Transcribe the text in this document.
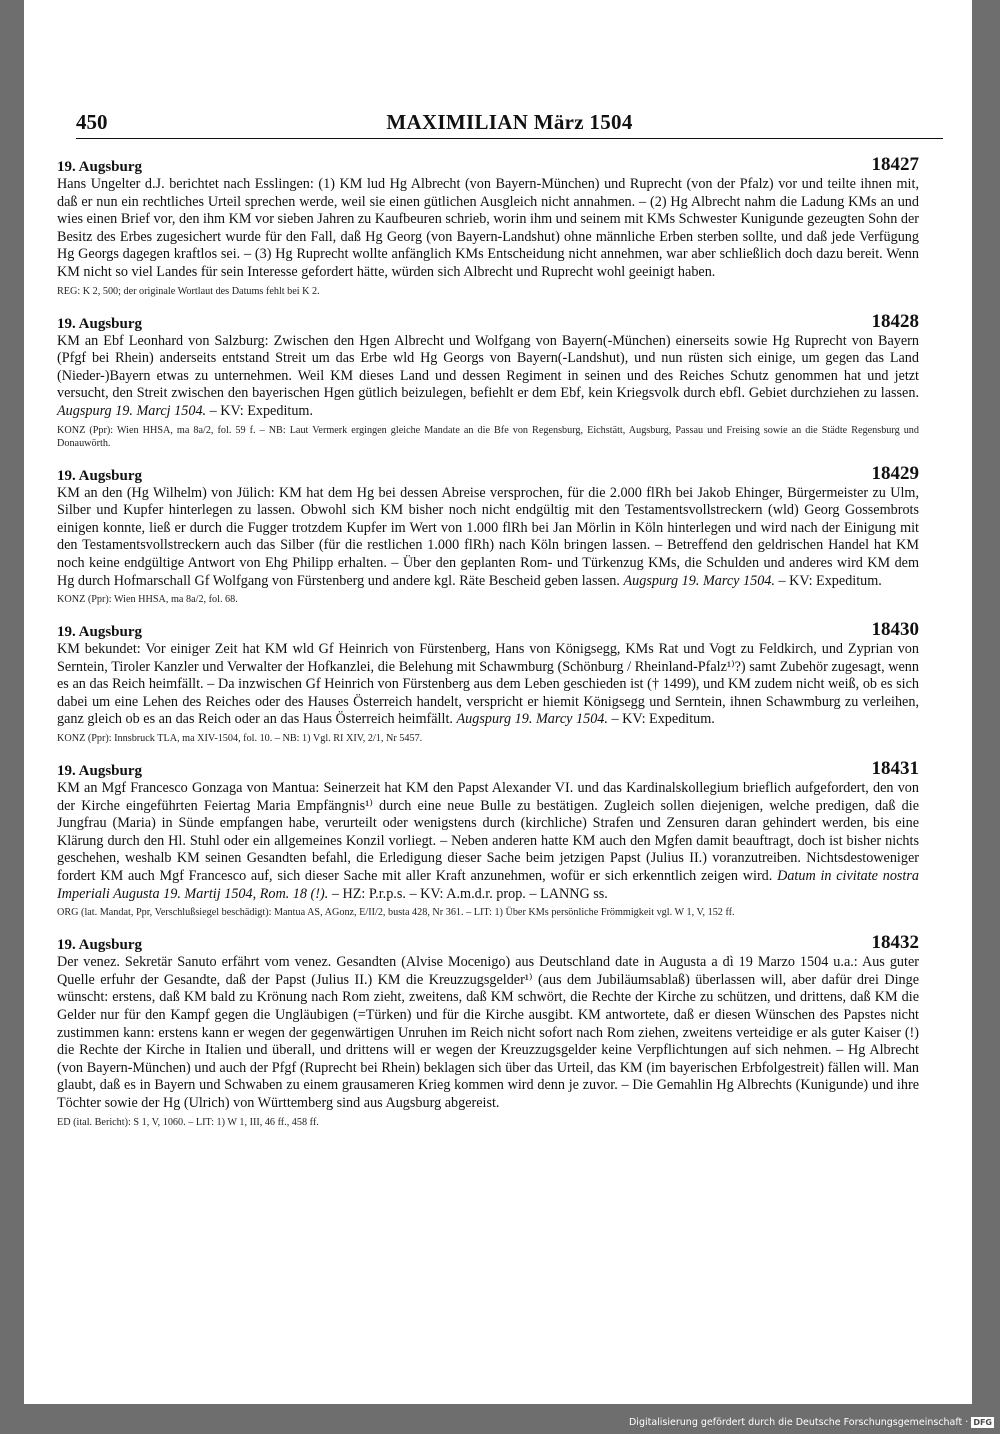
450	MAXIMILIAN März 1504
19. Augsburg	18427
Hans Ungelter d.J. berichtet nach Esslingen: (1) KM lud Hg Albrecht (von Bayern-München) und Ruprecht (von der Pfalz) vor und teilte ihnen mit, daß er nun ein rechtliches Urteil sprechen werde, weil sie einen gütlichen Ausgleich nicht annahmen. – (2) Hg Albrecht nahm die Ladung KMs an und wies einen Brief vor, den ihm KM vor sieben Jahren zu Kaufbeuren schrieb, worin ihm und seinem mit KMs Schwester Kunigunde gezeugten Sohn der Besitz des Erbes zugesichert wurde für den Fall, daß Hg Georg (von Bayern-Landshut) ohne männliche Erben sterben sollte, und daß jede Verfügung Hg Georgs dagegen kraftlos sei. – (3) Hg Ruprecht wollte anfänglich KMs Entscheidung nicht annehmen, war aber schließlich doch dazu bereit. Wenn KM nicht so viel Landes für sein Interesse gefordert hätte, würden sich Albrecht und Ruprecht wohl geeinigt haben.
REG: K 2, 500; der originale Wortlaut des Datums fehlt bei K 2.
19. Augsburg	18428
KM an Ebf Leonhard von Salzburg: Zwischen den Hgen Albrecht und Wolfgang von Bayern(-München) einerseits sowie Hg Ruprecht von Bayern (Pfgf bei Rhein) anderseits entstand Streit um das Erbe wld Hg Georgs von Bayern(-Landshut), und nun rüsten sich einige, um gegen das Land (Nieder-)Bayern etwas zu unternehmen. Weil KM dieses Land und dessen Regiment in seinen und des Reiches Schutz genommen hat und jetzt versucht, den Streit zwischen den bayerischen Hgen gütlich beizulegen, befiehlt er dem Ebf, kein Kriegsvolk durch ebfl. Gebiet durchziehen zu lassen. Augspurg 19. Marcj 1504. – KV: Expeditum.
KONZ (Ppr): Wien HHSA, ma 8a/2, fol. 59 f. – NB: Laut Vermerk ergingen gleiche Mandate an die Bfe von Regensburg, Eichstätt, Augsburg, Passau und Freising sowie an die Städte Regensburg und Donauwörth.
19. Augsburg	18429
KM an den (Hg Wilhelm) von Jülich: KM hat dem Hg bei dessen Abreise versprochen, für die 2.000 flRh bei Jakob Ehinger, Bürgermeister zu Ulm, Silber und Kupfer hinterlegen zu lassen. Obwohl sich KM bisher noch nicht endgültig mit den Testamentsvollstreckern (wld) Georg Gossembrots einigen konnte, ließ er durch die Fugger trotzdem Kupfer im Wert von 1.000 flRh bei Jan Mörlin in Köln hinterlegen und wird nach der Einigung mit den Testamentsvollstreckern auch das Silber (für die restlichen 1.000 flRh) nach Köln bringen lassen. – Betreffend den geldrischen Handel hat KM noch keine endgültige Antwort von Ehg Philipp erhalten. – Über den geplanten Rom- und Türkenzug KMs, die Schulden und anderes wird KM dem Hg durch Hofmarschall Gf Wolfgang von Fürstenberg und andere kgl. Räte Bescheid geben lassen. Augspurg 19. Marcy 1504. – KV: Expeditum.
KONZ (Ppr): Wien HHSA, ma 8a/2, fol. 68.
19. Augsburg	18430
KM bekundet: Vor einiger Zeit hat KM wld Gf Heinrich von Fürstenberg, Hans von Königsegg, KMs Rat und Vogt zu Feldkirch, und Zyprian von Serntein, Tiroler Kanzler und Verwalter der Hofkanzlei, die Belehung mit Schawmburg (Schönburg / Rheinland-Pfalz¹⁾?) samt Zubehör zugesagt, wenn es an das Reich heimfällt. – Da inzwischen Gf Heinrich von Fürstenberg aus dem Leben geschieden ist († 1499), und KM zudem nicht weiß, ob es sich dabei um eine Lehen des Reiches oder des Hauses Österreich handelt, verspricht er hiemit Königsegg und Serntein, ihnen Schawmburg zu verleihen, ganz gleich ob es an das Reich oder an das Haus Österreich heimfällt. Augspurg 19. Marcy 1504. – KV: Expeditum.
KONZ (Ppr): Innsbruck TLA, ma XIV-1504, fol. 10. – NB: 1) Vgl. RI XIV, 2/1, Nr 5457.
19. Augsburg	18431
KM an Mgf Francesco Gonzaga von Mantua: Seinerzeit hat KM den Papst Alexander VI. und das Kardinalskollegium brieflich aufgefordert, den von der Kirche eingeführten Feiertag Maria Empfängnis¹⁾ durch eine neue Bulle zu bestätigen. Zugleich sollen diejenigen, welche predigen, daß die Jungfrau (Maria) in Sünde empfangen habe, verurteilt oder wenigstens durch (kirchliche) Strafen und Zensuren daran gehindert werden, bis eine Klärung durch den Hl. Stuhl oder ein allgemeines Konzil vorliegt. – Neben anderen hatte KM auch den Mgfen damit beauftragt, doch ist bisher nichts geschehen, weshalb KM seinen Gesandten befahl, die Erledigung dieser Sache beim jetzigen Papst (Julius II.) voranzutreiben. Nichtsdestoweniger fordert KM auch Mgf Francesco auf, sich dieser Sache mit aller Kraft anzunehmen, wofür er sich erkenntlich zeigen wird. Datum in civitate nostra Imperiali Augusta 19. Martij 1504, Rom. 18 (!). – HZ: P.r.p.s. – KV: A.m.d.r. prop. – LANNG ss.
ORG (lat. Mandat, Ppr, Verschlußsiegel beschädigt): Mantua AS, AGonz, E/II/2, busta 428, Nr 361. – LIT: 1) Über KMs persönliche Frömmigkeit vgl. W 1, V, 152 ff.
19. Augsburg	18432
Der venez. Sekretär Sanuto erfährt vom venez. Gesandten (Alvise Mocenigo) aus Deutschland date in Augusta a dì 19 Marzo 1504 u.a.: Aus guter Quelle erfuhr der Gesandte, daß der Papst (Julius II.) KM die Kreuzzugsgelder¹⁾ (aus dem Jubiläumsablaß) überlassen will, aber dafür drei Dinge wünscht: erstens, daß KM bald zu Krönung nach Rom zieht, zweitens, daß KM schwört, die Rechte der Kirche zu schützen, und drittens, daß KM die Gelder nur für den Kampf gegen die Ungläubigen (=Türken) und für die Kirche ausgibt. KM antwortete, daß er diesen Wünschen des Papstes nicht zustimmen kann: erstens kann er wegen der gegenwärtigen Unruhen im Reich nicht sofort nach Rom ziehen, zweitens verteidige er als guter Kaiser (!) die Rechte der Kirche in Italien und überall, und drittens will er wegen der Kreuzzugsgelder keine Verpflichtungen auf sich nehmen. – Hg Albrecht (von Bayern-München) und auch der Pfgf (Ruprecht bei Rhein) beklagen sich über das Urteil, das KM (im bayerischen Erbfolgestreit) fällen will. Man glaubt, daß es in Bayern und Schwaben zu einem grausameren Krieg kommen wird denn je zuvor. – Die Gemahlin Hg Albrechts (Kunigunde) und ihre Töchter sowie der Hg (Ulrich) von Württemberg sind aus Augsburg abgereist.
ED (ital. Bericht): S 1, V, 1060. – LIT: 1) W 1, III, 46 ff., 458 ff.
Digitalisierung gefördert durch die Deutsche Forschungsgemeinschaft · DFG
